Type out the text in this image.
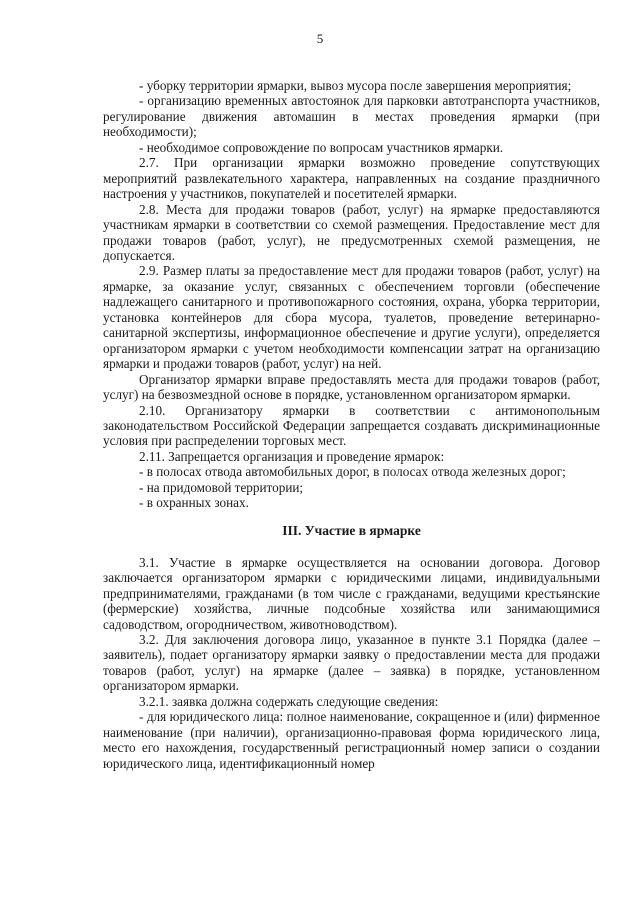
5

- уборку территории ярмарки, вывоз мусора после завершения мероприятия;

- организацию временных автостоянок для парковки автотранспорта участников, регулирование движения автомашин в местах проведения ярмарки (при необходимости);

- необходимое сопровождение по вопросам участников ярмарки.

2.7. При организации ярмарки возможно проведение сопутствующих мероприятий развлекательного характера, направленных на создание праздничного настроения у участников, покупателей и посетителей ярмарки.

2.8. Места для продажи товаров (работ, услуг) на ярмарке предоставляются участникам ярмарки в соответствии со схемой размещения. Предоставление мест для продажи товаров (работ, услуг), не предусмотренных схемой размещения, не допускается.

2.9. Размер платы за предоставление мест для продажи товаров (работ, услуг) на ярмарке, за оказание услуг, связанных с обеспечением торговли (обеспечение надлежащего санитарного и противопожарного состояния, охрана, уборка территории, установка контейнеров для сбора мусора, туалетов, проведение ветеринарно-санитарной экспертизы, информационное обеспечение и другие услуги), определяется организатором ярмарки с учетом необходимости компенсации затрат на организацию ярмарки и продажи товаров (работ, услуг) на ней.

Организатор ярмарки вправе предоставлять места для продажи товаров (работ, услуг) на безвозмездной основе в порядке, установленном организатором ярмарки.

2.10. Организатору ярмарки в соответствии с антимонопольным законодательством Российской Федерации запрещается создавать дискриминационные условия при распределении торговых мест.

2.11. Запрещается организация и проведение ярмарок:

- в полосах отвода автомобильных дорог, в полосах отвода железных дорог;

- на придомовой территории;

- в охранных зонах.

III. Участие в ярмарке

3.1. Участие в ярмарке осуществляется на основании договора. Договор заключается организатором ярмарки с юридическими лицами, индивидуальными предпринимателями, гражданами (в том числе с гражданами, ведущими крестьянские (фермерские) хозяйства, личные подсобные хозяйства или занимающимися садоводством, огородничеством, животноводством).

3.2. Для заключения договора лицо, указанное в пункте 3.1 Порядка (далее – заявитель), подает организатору ярмарки заявку о предоставлении места для продажи товаров (работ, услуг) на ярмарке (далее – заявка) в порядке, установленном организатором ярмарки.

3.2.1. заявка должна содержать следующие сведения:

- для юридического лица: полное наименование, сокращенное и (или) фирменное наименование (при наличии), организационно-правовая форма юридического лица, место его нахождения, государственный регистрационный номер записи о создании юридического лица, идентификационный номер
